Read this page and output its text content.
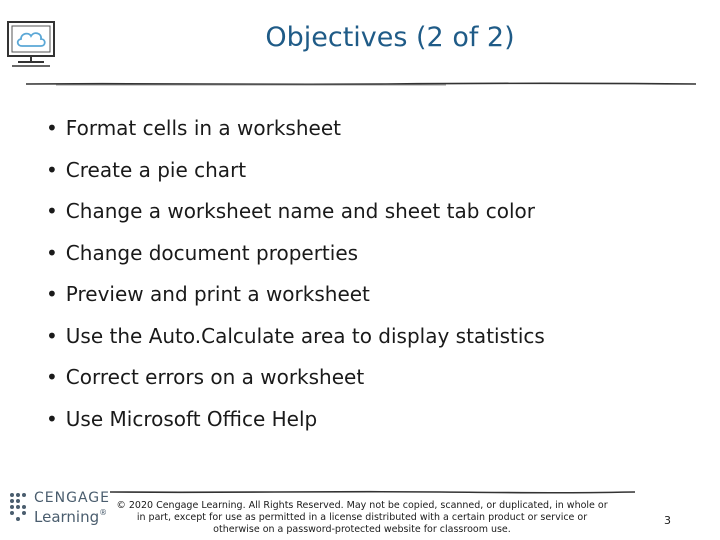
Objectives (2 of 2)
• Format cells in a worksheet
• Create a pie chart
• Change a worksheet name and sheet tab color
• Change document properties
• Preview and print a worksheet
• Use the Auto.Calculate area to display statistics
• Correct errors on a worksheet
• Use Microsoft Office Help
CENGAGE
Learning®
© 2020 Cengage Learning. All Rights Reserved. May not be copied, scanned, or duplicated, in whole or
in part, except for use as permitted in a license distributed with a certain product or service or
otherwise on a password-protected website for classroom use.
3
